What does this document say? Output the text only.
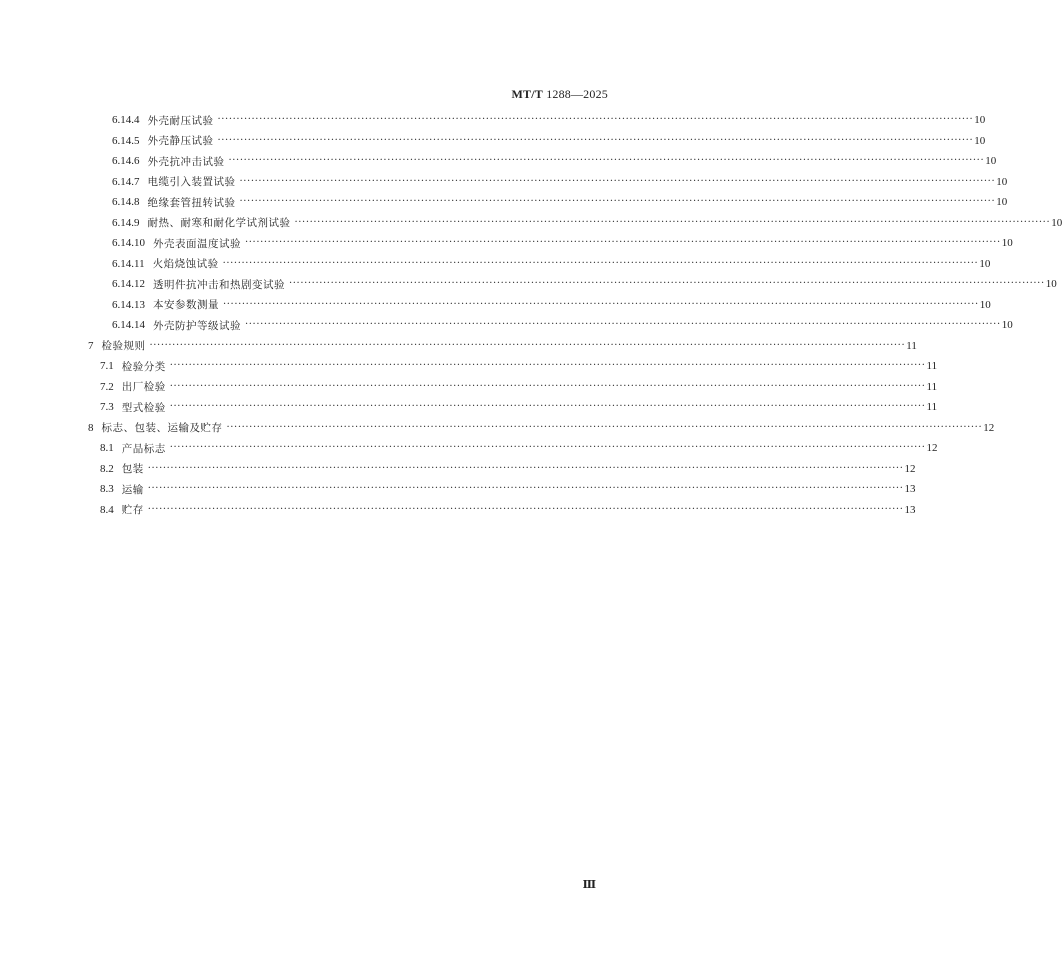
MT/T 1288—2025
6.14.4 外壳耐压试验 ········································································································································································································ 10
6.14.5 外壳静压试验 ········································································································································································································ 10
6.14.6 外壳抗冲击试验 ········································································································································································································ 10
6.14.7 电缆引入装置试验 ········································································································································································································ 10
6.14.8 绝缘套管扭转试验 ········································································································································································································ 10
6.14.9 耐热、耐寒和耐化学试剂试验 ········································································································································································································ 10
6.14.10 外壳表面温度试验 ········································································································································································································ 10
6.14.11 火焰烧蚀试验 ········································································································································································································ 10
6.14.12 透明件抗冲击和热剧变试验 ········································································································································································································ 10
6.14.13 本安参数测量 ········································································································································································································ 10
6.14.14 外壳防护等级试验 ········································································································································································································ 10
7 检验规则 ········································································································································································································ 11
7.1 检验分类 ········································································································································································································ 11
7.2 出厂检验 ········································································································································································································ 11
7.3 型式检验 ········································································································································································································ 11
8 标志、包装、运输及贮存 ········································································································································································································ 12
8.1 产品标志 ········································································································································································································ 12
8.2 包装 ········································································································································································································ 12
8.3 运输 ········································································································································································································ 13
8.4 贮存 ········································································································································································································ 13
Ⅲ
